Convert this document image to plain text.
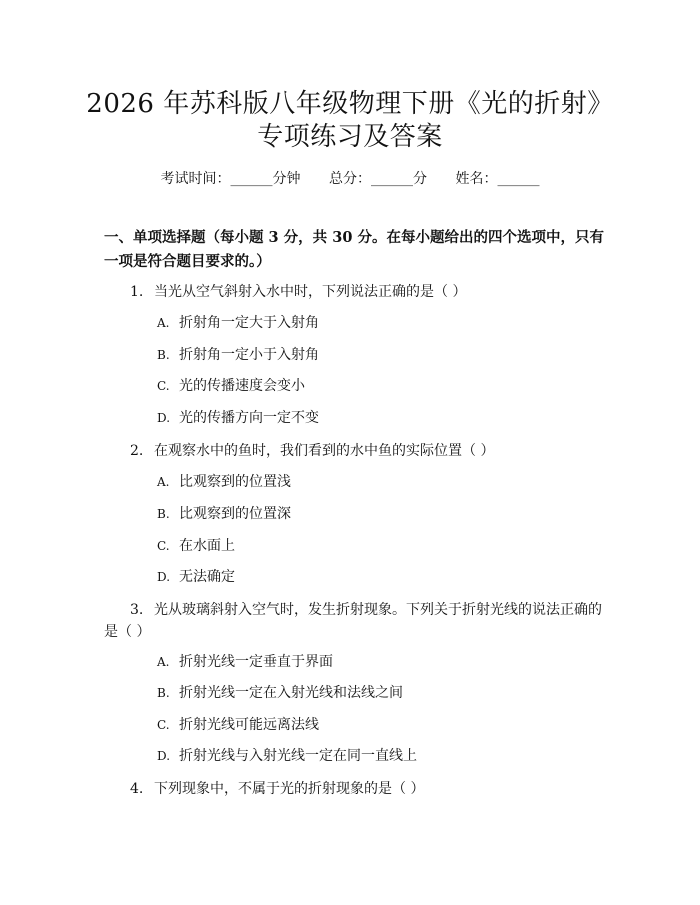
2026 年苏科版八年级物理下册《光的折射》
专项练习及答案
考试时间：______分钟 总分：______分 姓名：______
一、单项选择题（每小题 3 分，共 30 分。在每小题给出的四个选项中，只有一项是符合题目要求的。）
1. 当光从空气斜射入水中时，下列说法正确的是（ ）
A. 折射角一定大于入射角
B. 折射角一定小于入射角
C. 光的传播速度会变小
D. 光的传播方向一定不变
2. 在观察水中的鱼时，我们看到的水中鱼的实际位置（ ）
A. 比观察到的位置浅
B. 比观察到的位置深
C. 在水面上
D. 无法确定
3. 光从玻璃斜射入空气时，发生折射现象。下列关于折射光线的说法正确的是（ ）
A. 折射光线一定垂直于界面
B. 折射光线一定在入射光线和法线之间
C. 折射光线可能远离法线
D. 折射光线与入射光线一定在同一直线上
4. 下列现象中，不属于光的折射现象的是（ ）
